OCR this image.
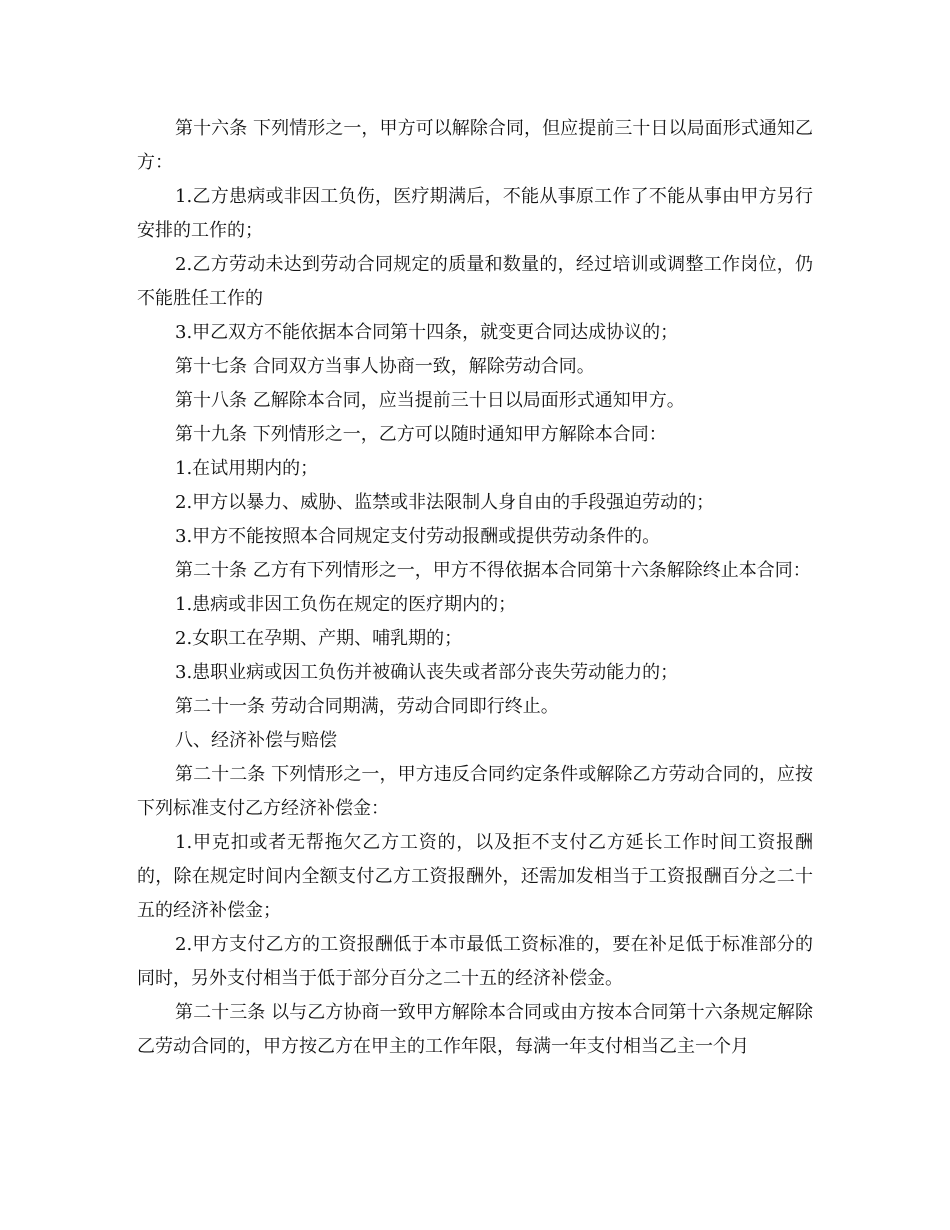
第十六条 下列情形之一，甲方可以解除合同，但应提前三十日以局面形式通知乙方：

1.乙方患病或非因工负伤，医疗期满后，不能从事原工作了不能从事由甲方另行安排的工作的；

2.乙方劳动未达到劳动合同规定的质量和数量的，经过培训或调整工作岗位，仍不能胜任工作的

3.甲乙双方不能依据本合同第十四条，就变更合同达成协议的；

第十七条 合同双方当事人协商一致，解除劳动合同。

第十八条 乙解除本合同，应当提前三十日以局面形式通知甲方。

第十九条 下列情形之一，乙方可以随时通知甲方解除本合同：

1.在试用期内的；

2.甲方以暴力、威胁、监禁或非法限制人身自由的手段强迫劳动的；

3.甲方不能按照本合同规定支付劳动报酬或提供劳动条件的。

第二十条 乙方有下列情形之一，甲方不得依据本合同第十六条解除终止本合同：

1.患病或非因工负伤在规定的医疗期内的；

2.女职工在孕期、产期、哺乳期的；

3.患职业病或因工负伤并被确认丧失或者部分丧失劳动能力的；

第二十一条 劳动合同期满，劳动合同即行终止。

八、经济补偿与赔偿

第二十二条 下列情形之一，甲方违反合同约定条件或解除乙方劳动合同的，应按下列标准支付乙方经济补偿金：

1.甲克扣或者无帮拖欠乙方工资的，以及拒不支付乙方延长工作时间工资报酬的，除在规定时间内全额支付乙方工资报酬外，还需加发相当于工资报酬百分之二十五的经济补偿金；

2.甲方支付乙方的工资报酬低于本市最低工资标准的，要在补足低于标准部分的同时，另外支付相当于低于部分百分之二十五的经济补偿金。

第二十三条 以与乙方协商一致甲方解除本合同或由方按本合同第十六条规定解除乙劳动合同的，甲方按乙方在甲主的工作年限，每满一年支付相当乙主一个月
